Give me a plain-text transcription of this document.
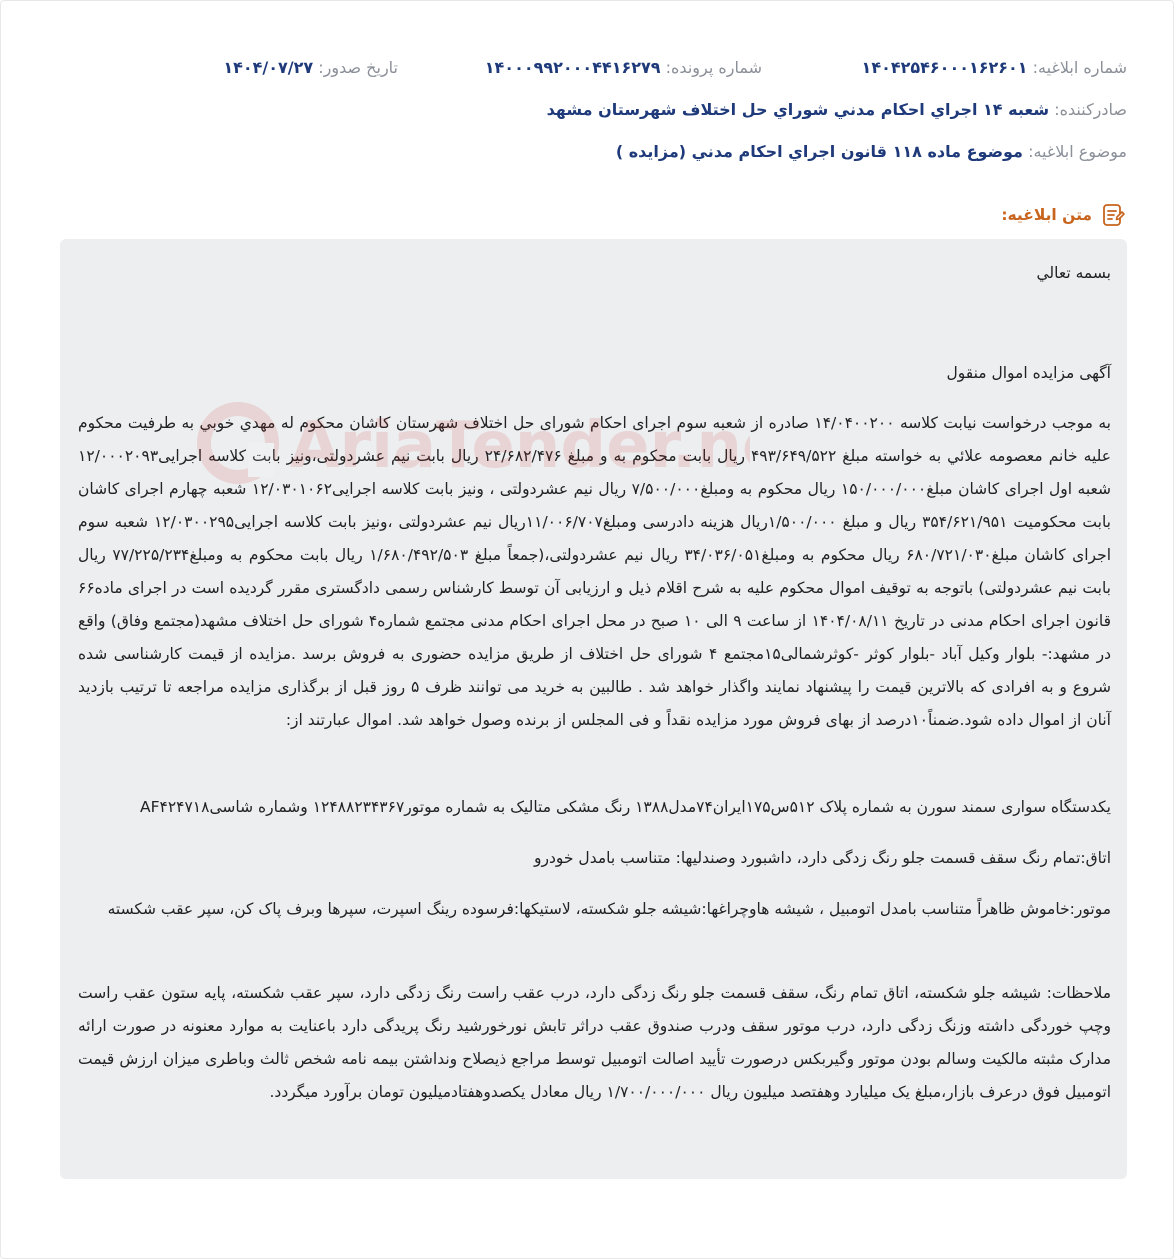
شماره ابلاغیه: ۱۴۰۴۲۵۴۶۰۰۰۱۶۲۶۰۱
شماره پرونده: ۱۴۰۰۰۹۹۲۰۰۰۴۴۱۶۲۷۹
تاریخ صدور: ۱۴۰۴/۰۷/۲۷
صادرکننده: شعبه ۱۴ اجراي احكام مدني شوراي حل اختلاف شهرستان مشهد
موضوع ابلاغیه: موضوع ماده ۱۱۸ قانون اجراي احكام مدني (مزايده )
متن ابلاغیه:

بسمه تعالي

آگهی مزایده اموال منقول

به موجب درخواست نیابت کلاسه ۱۴/۰۴۰۰۲۰۰ صادره از شعبه سوم اجرای احکام شورای حل اختلاف شهرستان کاشان محکوم له مهدي خوبي به طرفیت محکوم علیه خانم معصومه علائي به خواسته مبلغ ۴۹۳/۶۴۹/۵۲۲ ریال بابت محکوم به و مبلغ ۲۴/۶۸۲/۴۷۶ ریال بابت نیم عشردولتی،ونیز بابت کلاسه اجرایی۱۲/۰۰۰۲۰۹۳ شعبه اول اجرای کاشان مبلغ۱۵۰/۰۰۰/۰۰۰ ریال محکوم به ومبلغ۷/۵۰۰/۰۰۰ ریال نیم عشردولتی ، ونیز بابت کلاسه اجرایی۱۲/۰۳۰۱۰۶۲ شعبه چهارم اجرای کاشان بابت محکومیت ۳۵۴/۶۲۱/۹۵۱ ریال و مبلغ ۱/۵۰۰/۰۰۰ریال هزینه دادرسی ومبلغ۱۱/۰۰۶/۷۰۷ریال نیم عشردولتی ،ونیز بابت کلاسه اجرایی۱۲/۰۳۰۰۲۹۵ شعبه سوم اجرای کاشان مبلغ۶۸۰/۷۲۱/۰۳۰ ریال محکوم به ومبلغ۳۴/۰۳۶/۰۵۱ ریال نیم عشردولتی،(جمعاً مبلغ ۱/۶۸۰/۴۹۲/۵۰۳ ریال بابت محکوم به ومبلغ۷۷/۲۲۵/۲۳۴ ریال بابت نیم عشردولتی) باتوجه به توقیف اموال محکوم علیه به شرح اقلام ذیل و ارزیابی آن توسط کارشناس رسمی دادگستری مقرر گردیده است در اجرای ماده۶۶ قانون اجرای احکام مدنی در تاریخ ۱۴۰۴/۰۸/۱۱ از ساعت ۹ الی ۱۰ صبح در محل اجرای احکام مدنی مجتمع شماره۴ شورای حل اختلاف مشهد(مجتمع وفاق) واقع در مشهد:- بلوار وکیل آباد -بلوار کوثر -کوثرشمالی۱۵مجتمع ۴ شورای حل اختلاف از طریق مزایده حضوری به فروش برسد .مزایده از قیمت کارشناسی شده شروع و به افرادی که بالاترین قیمت را پیشنهاد نمایند واگذار خواهد شد . طالبین به خرید می توانند ظرف ۵ روز قبل از برگذاری مزایده مراجعه تا ترتیب بازدید آنان از اموال داده شود.ضمناً۱۰درصد از بهای فروش مورد مزایده نقداً و فی المجلس از برنده وصول خواهد شد. اموال عبارتند از:

یکدستگاه سواری سمند سورن به شماره پلاک ۵۱۲س۱۷۵ایران۷۴مدل۱۳۸۸ رنگ مشکی متالیک به شماره موتور۱۲۴۸۸۲۳۴۳۶۷ وشماره شاسیAF۴۲۴۷۱۸

اتاق:تمام رنگ سقف قسمت جلو رنگ زدگی دارد، داشبورد وصندلیها: متناسب بامدل خودرو

موتور:خاموش ظاهراً متناسب بامدل اتومبیل ، شیشه هاوچراغها:شیشه جلو شکسته، لاستیکها:فرسوده رینگ اسپرت، سپرها وبرف پاک کن، سپر عقب شکسته

ملاحظات: شیشه جلو شکسته، اتاق تمام رنگ، سقف قسمت جلو رنگ زدگی دارد، درب عقب راست رنگ زدگی دارد، سپر عقب شکسته، پایه ستون عقب راست وچپ خوردگی داشته وزنگ زدگی دارد، درب موتور سقف ودرب صندوق عقب دراثر تابش نورخورشید رنگ پریدگی دارد باعنایت به موارد معنونه در صورت ارائه مدارک مثبته مالکیت وسالم بودن موتور وگیربکس درصورت تأیید اصالت اتومبیل توسط مراجع ذیصلاح ونداشتن بیمه نامه شخص ثالث وباطری میزان ارزش قیمت اتومبیل فوق درعرف بازار،مبلغ یک میلیارد وهفتصد میلیون ریال ۱/۷۰۰/۰۰۰/۰۰۰ ریال معادل یکصدوهفتادمیلیون تومان برآورد میگردد.
